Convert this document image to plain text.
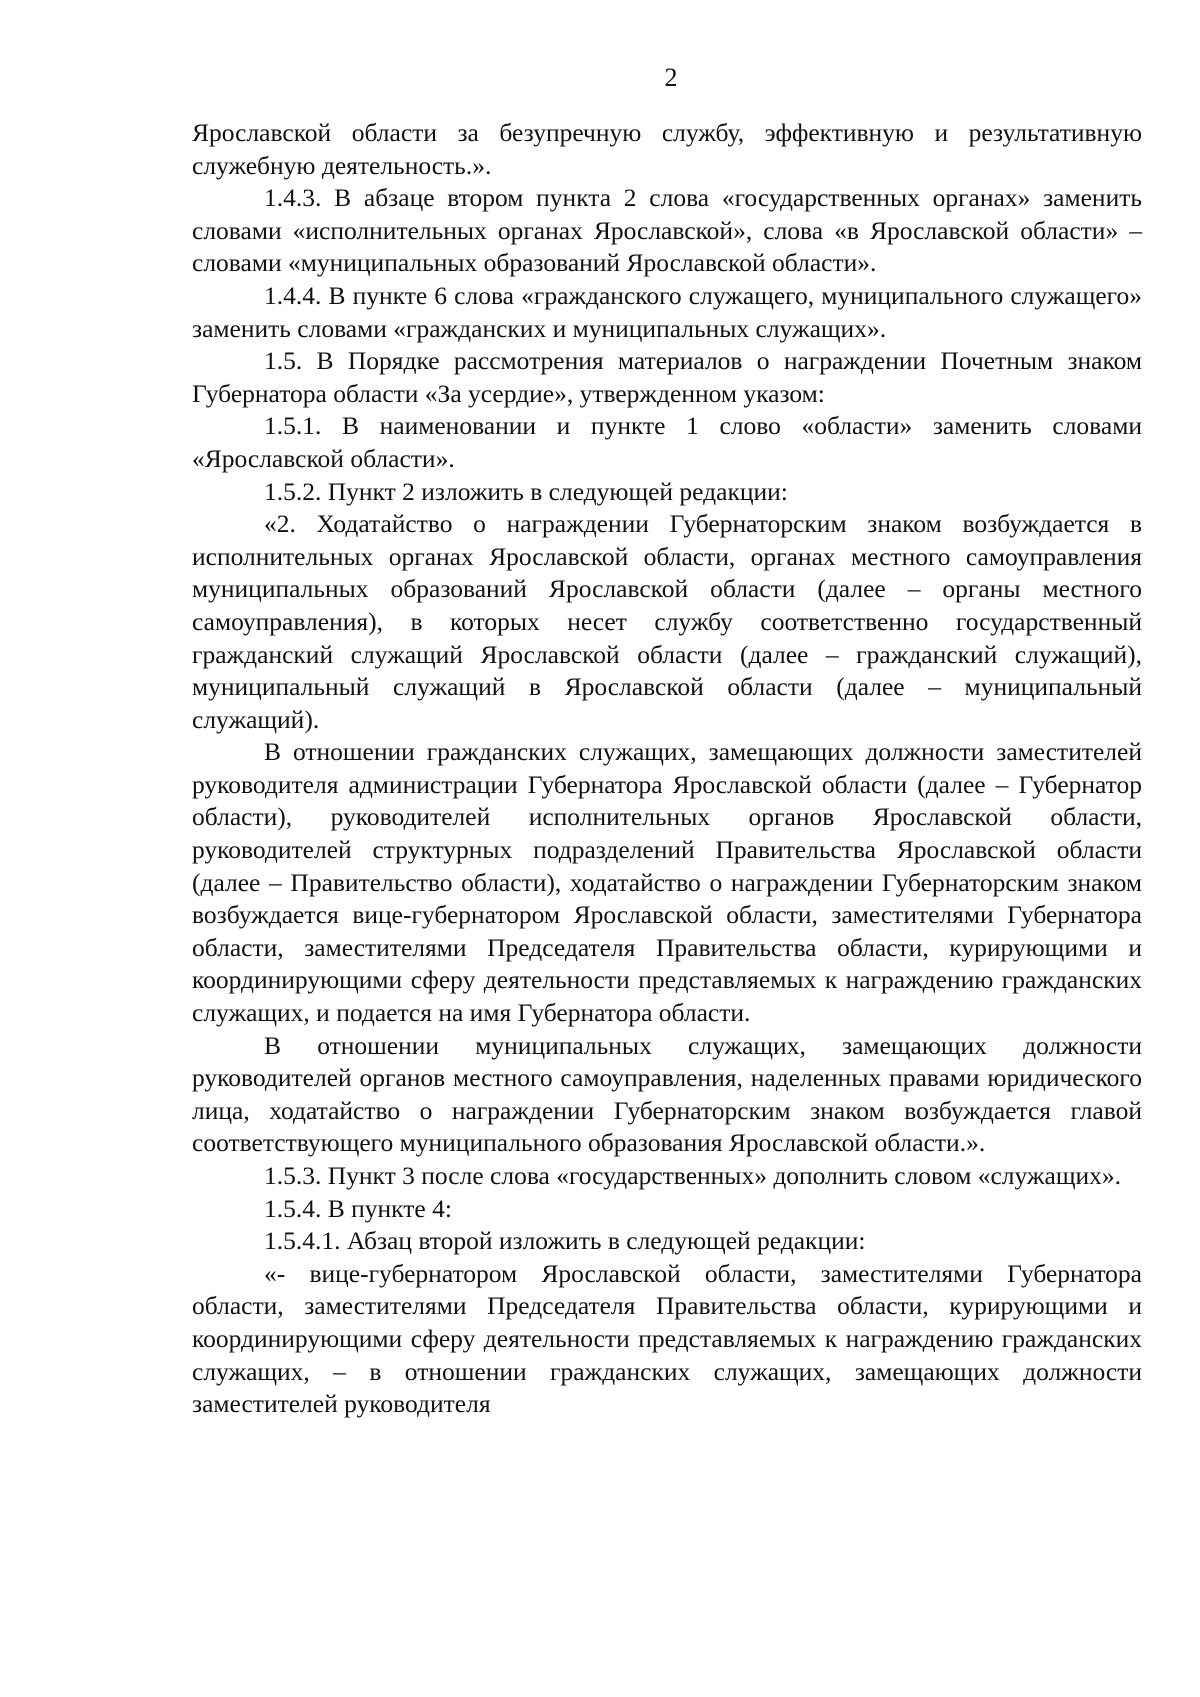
2

Ярославской области за безупречную службу, эффективную и результативную служебную деятельность.».

1.4.3. В абзаце втором пункта 2 слова «государственных органах» заменить словами «исполнительных органах Ярославской», слова «в Ярославской области» – словами «муниципальных образований Ярославской области».

1.4.4. В пункте 6 слова «гражданского служащего, муниципального служащего» заменить словами «гражданских и муниципальных служащих».

1.5. В Порядке рассмотрения материалов о награждении Почетным знаком Губернатора области «За усердие», утвержденном указом:

1.5.1. В наименовании и пункте 1 слово «области» заменить словами «Ярославской области».

1.5.2. Пункт 2 изложить в следующей редакции:

«2. Ходатайство о награждении Губернаторским знаком возбуждается в исполнительных органах Ярославской области, органах местного самоуправления муниципальных образований Ярославской области (далее – органы местного самоуправления), в которых несет службу соответственно государственный гражданский служащий Ярославской области (далее – гражданский служащий), муниципальный служащий в Ярославской области (далее – муниципальный служащий).

В отношении гражданских служащих, замещающих должности заместителей руководителя администрации Губернатора Ярославской области (далее – Губернатор области), руководителей исполнительных органов Ярославской области, руководителей структурных подразделений Правительства Ярославской области (далее – Правительство области), ходатайство о награждении Губернаторским знаком возбуждается вице-губернатором Ярославской области, заместителями Губернатора области, заместителями Председателя Правительства области, курирующими и координирующими сферу деятельности представляемых к награждению гражданских служащих, и подается на имя Губернатора области.

В отношении муниципальных служащих, замещающих должности руководителей органов местного самоуправления, наделенных правами юридического лица, ходатайство о награждении Губернаторским знаком возбуждается главой соответствующего муниципального образования Ярославской области.».

1.5.3. Пункт 3 после слова «государственных» дополнить словом «служащих».

1.5.4. В пункте 4:

1.5.4.1. Абзац второй изложить в следующей редакции:

«- вице-губернатором Ярославской области, заместителями Губернатора области, заместителями Председателя Правительства области, курирующими и координирующими сферу деятельности представляемых к награждению гражданских служащих, – в отношении гражданских служащих, замещающих должности заместителей руководителя
